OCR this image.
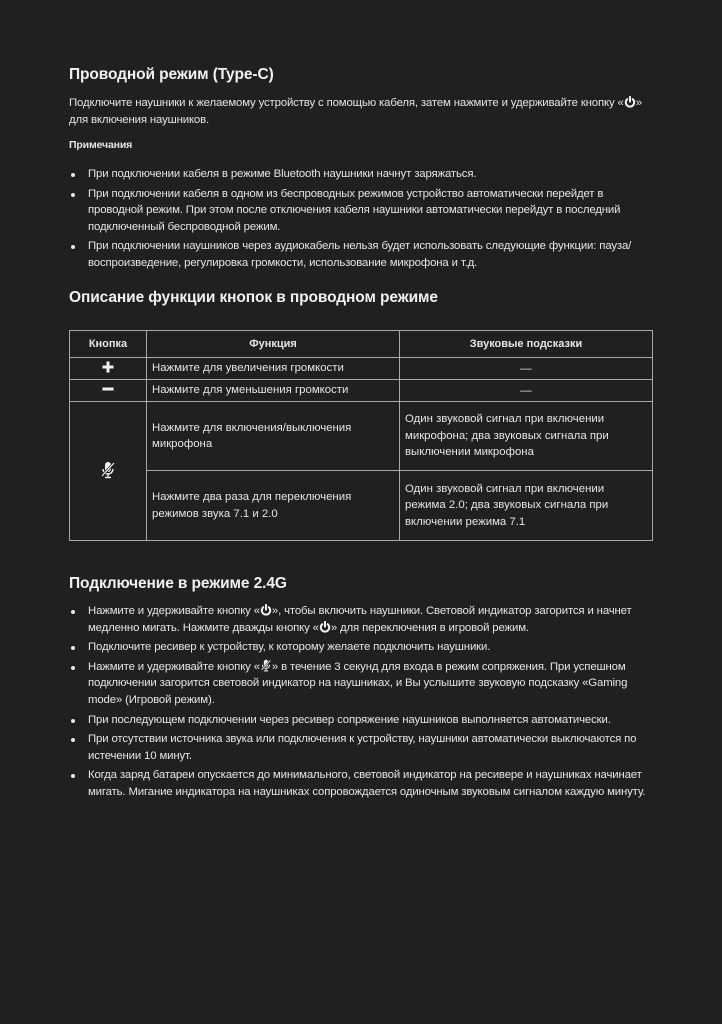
Проводной режим (Type-C)

Подключите наушники к желаемому устройству с помощью кабеля, затем нажмите и удерживайте кнопку « » для включения наушников.

Примечания

При подключении кабеля в режиме Bluetooth наушники начнут заряжаться.
При подключении кабеля в одном из беспроводных режимов устройство автоматически перейдет в проводной режим. При этом после отключения кабеля наушники автоматически перейдут в последний подключенный беспроводной режим.
При подключении наушников через аудиокабель нельзя будет использовать следующие функции: пауза/воспроизведение, регулировка громкости, использование микрофона и т.д.
Описание функции кнопок в проводном режиме
Кнопка	Функция	Звуковые подсказки
	Нажмите для увеличения громкости	—
	Нажмите для уменьшения громкости	—
	Нажмите для включения/выключения микрофона	Один звуковой сигнал при включении микрофона; два звуковых сигнала при выключении микрофона
	Нажмите два раза для переключения режимов звука 7.1 и 2.0	Один звуковой сигнал при включении режима 2.0; два звуковых сигнала при включении режима 7.1
Подключение в режиме 2.4G
Нажмите и удерживайте кнопку « », чтобы включить наушники. Световой индикатор загорится и начнет медленно мигать. Нажмите дважды кнопку « » для переключения в игровой режим.
Подключите ресивер к устройству, к которому желаете подключить наушники.
Нажмите и удерживайте кнопку « » в течение 3 секунд для входа в режим сопряжения. При успешном подключении загорится световой индикатор на наушниках, и Вы услышите звуковую подсказку «Gaming mode» (Игровой режим).
При последующем подключении через ресивер сопряжение наушников выполняется автоматически.
При отсутствии источника звука или подключения к устройству, наушники автоматически выключаются по истечении 10 минут.
Когда заряд батареи опускается до минимального, световой индикатор на ресивере и наушниках начинает мигать. Мигание индикатора на наушниках сопровождается одиночным звуковым сигналом каждую минуту.
